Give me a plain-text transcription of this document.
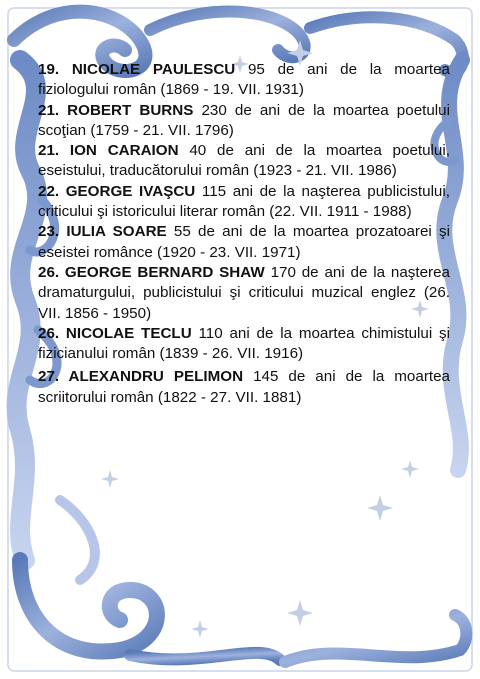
19. NICOLAE PAULESCU 95 de ani de la moartea fiziologului român (1869 - 19. VII. 1931)

21. ROBERT BURNS 230 de ani de la moartea poetului scoţian (1759 - 21. VII. 1796)

21. ION CARAION 40 de ani de la moartea poetului, eseistului, traducătorului român (1923 - 21. VII. 1986)

22. GEORGE IVAŞCU 115 ani de la naşterea publicistului, criticului şi istoricului literar român (22. VII. 1911 - 1988)

23. IULIA SOARE 55 de ani de la moartea prozatoarei şi eseistei românce (1920 - 23. VII. 1971)

26. GEORGE BERNARD SHAW 170 de ani de la naşterea dramaturgului, publicistului şi criticului muzical englez (26. VII. 1856 - 1950)

26. NICOLAE TECLU 110 ani de la moartea chimistului şi fizicianului român (1839 - 26. VII. 1916)

27. ALEXANDRU PELIMON 145 de ani de la moartea scriitorului român (1822 - 27. VII. 1881)
